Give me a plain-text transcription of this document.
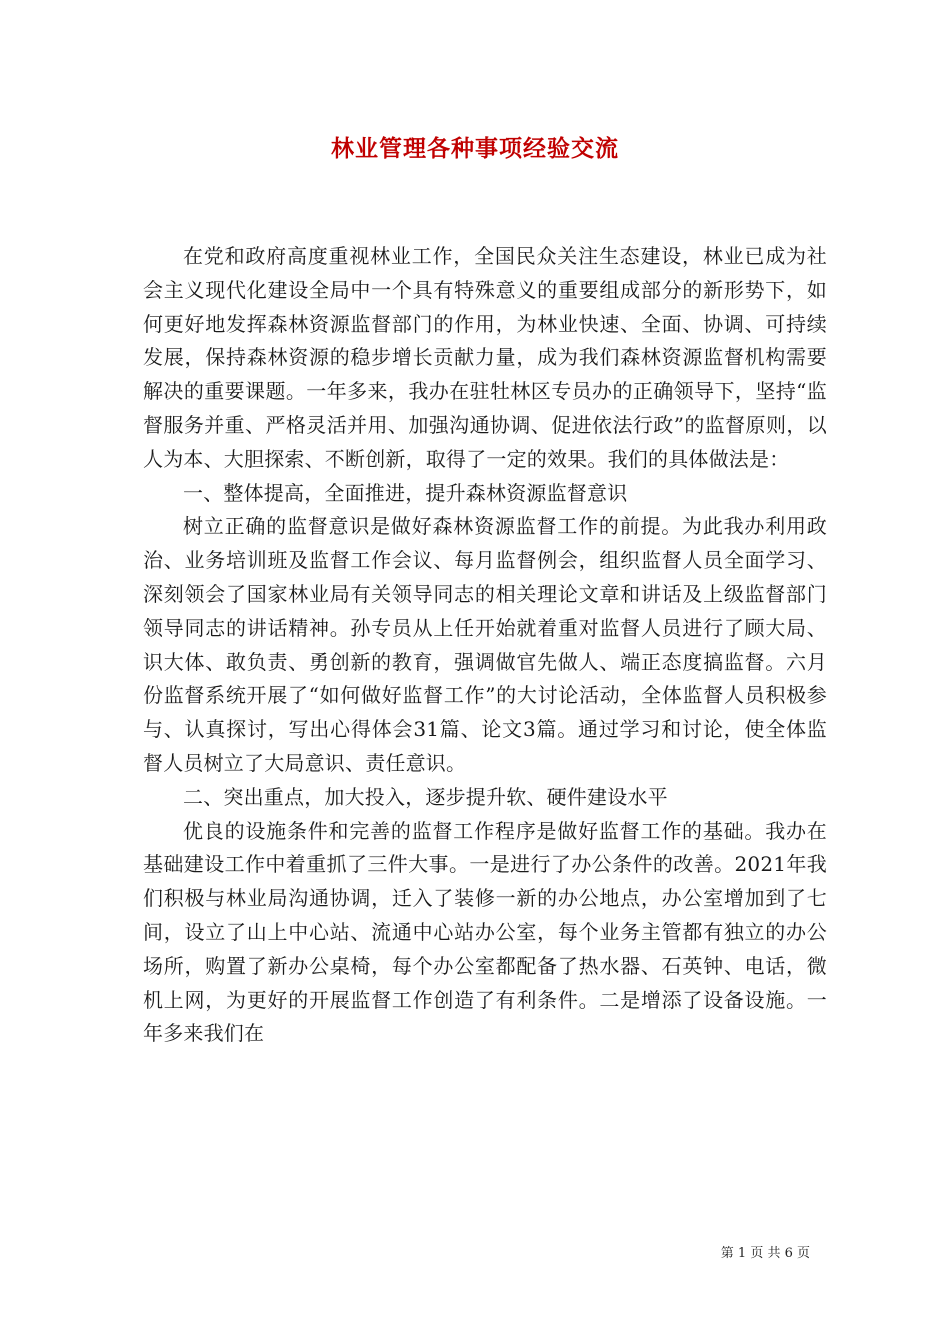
林业管理各种事项经验交流

在党和政府高度重视林业工作，全国民众关注生态建设，林业已成为社会主义现代化建设全局中一个具有特殊意义的重要组成部分的新形势下，如何更好地发挥森林资源监督部门的作用，为林业快速、全面、协调、可持续发展，保持森林资源的稳步增长贡献力量，成为我们森林资源监督机构需要解决的重要课题。一年多来，我办在驻牡林区专员办的正确领导下，坚持“监督服务并重、严格灵活并用、加强沟通协调、促进依法行政”的监督原则，以人为本、大胆探索、不断创新，取得了一定的效果。我们的具体做法是：

一、整体提高，全面推进，提升森林资源监督意识

树立正确的监督意识是做好森林资源监督工作的前提。为此我办利用政治、业务培训班及监督工作会议、每月监督例会，组织监督人员全面学习、深刻领会了国家林业局有关领导同志的相关理论文章和讲话及上级监督部门领导同志的讲话精神。孙专员从上任开始就着重对监督人员进行了顾大局、识大体、敢负责、勇创新的教育，强调做官先做人、端正态度搞监督。六月份监督系统开展了“如何做好监督工作”的大讨论活动，全体监督人员积极参与、认真探讨，写出心得体会31篇、论文3篇。通过学习和讨论，使全体监督人员树立了大局意识、责任意识。

二、突出重点，加大投入，逐步提升软、硬件建设水平

优良的设施条件和完善的监督工作程序是做好监督工作的基础。我办在基础建设工作中着重抓了三件大事。一是进行了办公条件的改善。2021年我们积极与林业局沟通协调，迁入了装修一新的办公地点，办公室增加到了七间，设立了山上中心站、流通中心站办公室，每个业务主管都有独立的办公场所，购置了新办公桌椅，每个办公室都配备了热水器、石英钟、电话，微机上网，为更好的开展监督工作创造了有利条件。二是增添了设备设施。一年多来我们在

第 1 页 共 6 页
